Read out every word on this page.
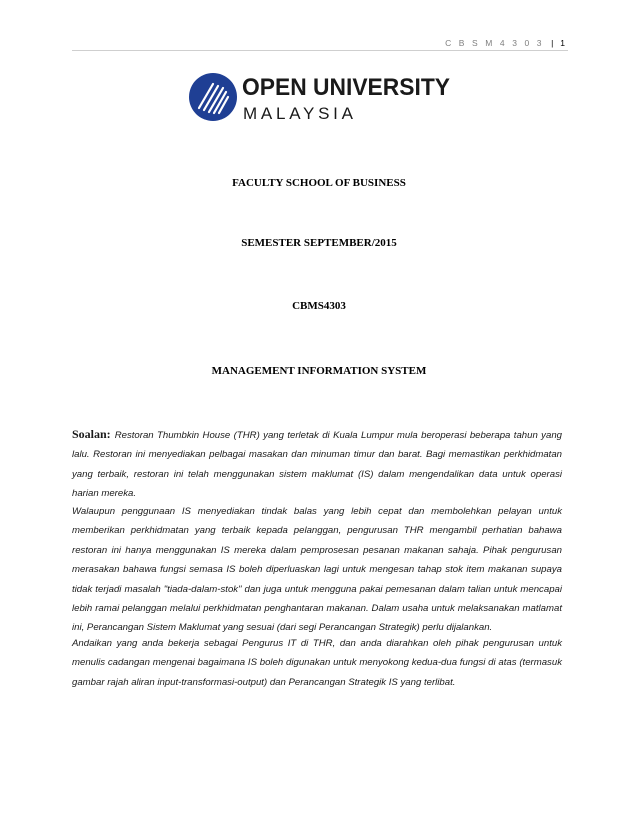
C B S M 4 3 0 3 | 1
OPEN UNIVERSITY
MALAYSIA
FACULTY SCHOOL OF BUSINESS
SEMESTER SEPTEMBER/2015
CBMS4303
MANAGEMENT INFORMATION SYSTEM

Soalan: Restoran Thumbkin House (THR) yang terletak di Kuala Lumpur mula beroperasi beberapa tahun yang lalu. Restoran ini menyediakan pelbagai masakan dan minuman timur dan barat. Bagi memastikan perkhidmatan yang terbaik, restoran ini telah menggunakan sistem maklumat (IS) dalam mengendalikan data untuk operasi harian mereka.

Walaupun penggunaan IS menyediakan tindak balas yang lebih cepat dan membolehkan pelayan untuk memberikan perkhidmatan yang terbaik kepada pelanggan, pengurusan THR mengambil perhatian bahawa restoran ini hanya menggunakan IS mereka dalam pemprosesan pesanan makanan sahaja. Pihak pengurusan merasakan bahawa fungsi semasa IS boleh diperluaskan lagi untuk mengesan tahap stok item makanan supaya tidak terjadi masalah "tiada-dalam-stok" dan juga untuk mengguna pakai pemesanan dalam talian untuk mencapai lebih ramai pelanggan melalui perkhidmatan penghantaran makanan. Dalam usaha untuk melaksanakan matlamat ini, Perancangan Sistem Maklumat yang sesuai (dari segi Perancangan Strategik) perlu dijalankan.

Andaikan yang anda bekerja sebagai Pengurus IT di THR, dan anda diarahkan oleh pihak pengurusan untuk menulis cadangan mengenai bagaimana IS boleh digunakan untuk menyokong kedua-dua fungsi di atas (termasuk gambar rajah aliran input-transformasi-output) dan Perancangan Strategik IS yang terlibat.
